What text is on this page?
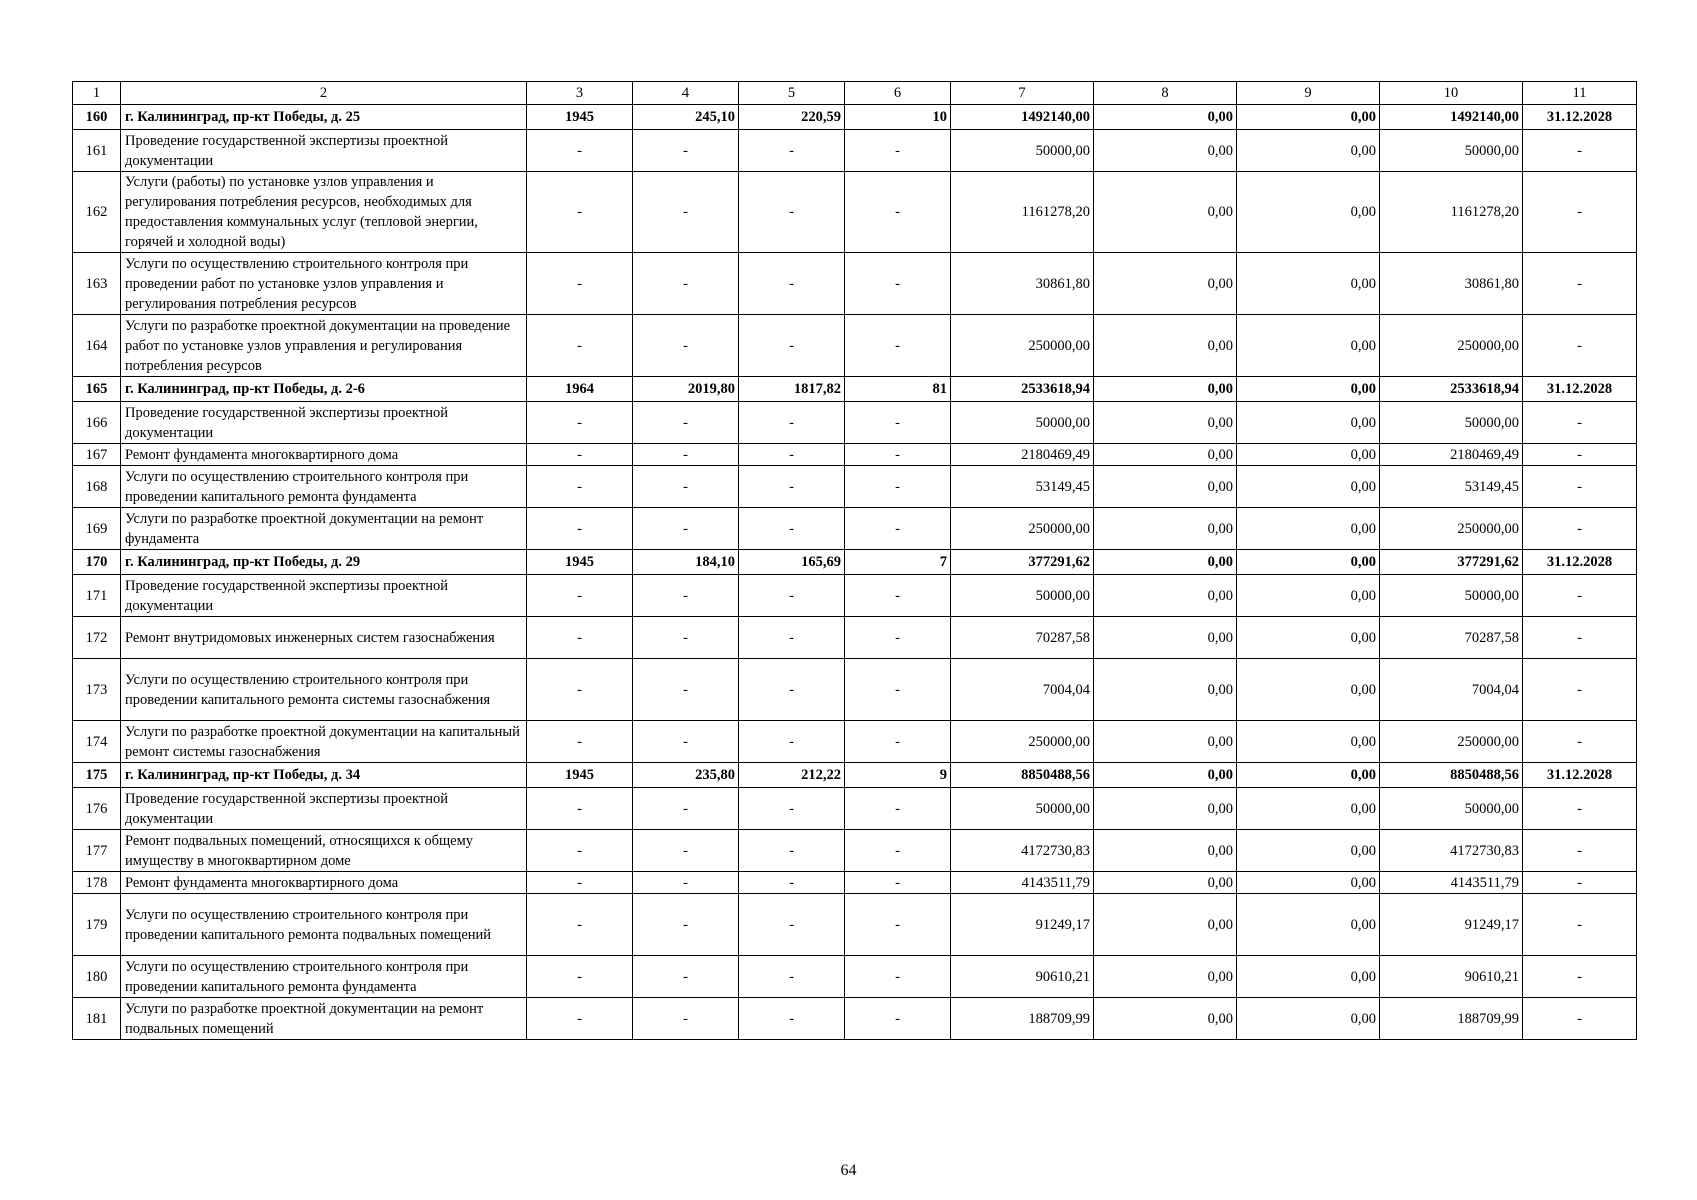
1	2	3	4	5	6	7	8	9	10	11
160	г. Калининград, пр-кт Победы, д. 25	1945	245,10	220,59	10	1492140,00	0,00	0,00	1492140,00	31.12.2028
161	Проведение государственной экспертизы проектной документации	-	-	-	-	50000,00	0,00	0,00	50000,00	-
162	Услуги (работы) по установке узлов управления и регулирования потребления ресурсов, необходимых для предоставления коммунальных услуг (тепловой энергии, горячей и холодной воды)	-	-	-	-	1161278,20	0,00	0,00	1161278,20	-
163	Услуги по осуществлению строительного контроля при проведении работ по установке узлов управления и регулирования потребления ресурсов	-	-	-	-	30861,80	0,00	0,00	30861,80	-
164	Услуги по разработке проектной документации на проведение работ по установке узлов управления и регулирования потребления ресурсов	-	-	-	-	250000,00	0,00	0,00	250000,00	-
165	г. Калининград, пр-кт Победы, д. 2-6	1964	2019,80	1817,82	81	2533618,94	0,00	0,00	2533618,94	31.12.2028
166	Проведение государственной экспертизы проектной документации	-	-	-	-	50000,00	0,00	0,00	50000,00	-
167	Ремонт фундамента многоквартирного дома	-	-	-	-	2180469,49	0,00	0,00	2180469,49	-
168	Услуги по осуществлению строительного контроля при проведении капитального ремонта фундамента	-	-	-	-	53149,45	0,00	0,00	53149,45	-
169	Услуги по разработке проектной документации на ремонт фундамента	-	-	-	-	250000,00	0,00	0,00	250000,00	-
170	г. Калининград, пр-кт Победы, д. 29	1945	184,10	165,69	7	377291,62	0,00	0,00	377291,62	31.12.2028
171	Проведение государственной экспертизы проектной документации	-	-	-	-	50000,00	0,00	0,00	50000,00	-
172	Ремонт внутридомовых инженерных систем газоснабжения	-	-	-	-	70287,58	0,00	0,00	70287,58	-
173	Услуги по осуществлению строительного контроля при проведении капитального ремонта системы газоснабжения	-	-	-	-	7004,04	0,00	0,00	7004,04	-
174	Услуги по разработке проектной документации на капитальный ремонт системы газоснабжения	-	-	-	-	250000,00	0,00	0,00	250000,00	-
175	г. Калининград, пр-кт Победы, д. 34	1945	235,80	212,22	9	8850488,56	0,00	0,00	8850488,56	31.12.2028
176	Проведение государственной экспертизы проектной документации	-	-	-	-	50000,00	0,00	0,00	50000,00	-
177	Ремонт подвальных помещений, относящихся к общему имуществу в многоквартирном доме	-	-	-	-	4172730,83	0,00	0,00	4172730,83	-
178	Ремонт фундамента многоквартирного дома	-	-	-	-	4143511,79	0,00	0,00	4143511,79	-
179	Услуги по осуществлению строительного контроля при проведении капитального ремонта подвальных помещений	-	-	-	-	91249,17	0,00	0,00	91249,17	-
180	Услуги по осуществлению строительного контроля при проведении капитального ремонта фундамента	-	-	-	-	90610,21	0,00	0,00	90610,21	-
181	Услуги по разработке проектной документации на ремонт подвальных помещений	-	-	-	-	188709,99	0,00	0,00	188709,99	-
64
